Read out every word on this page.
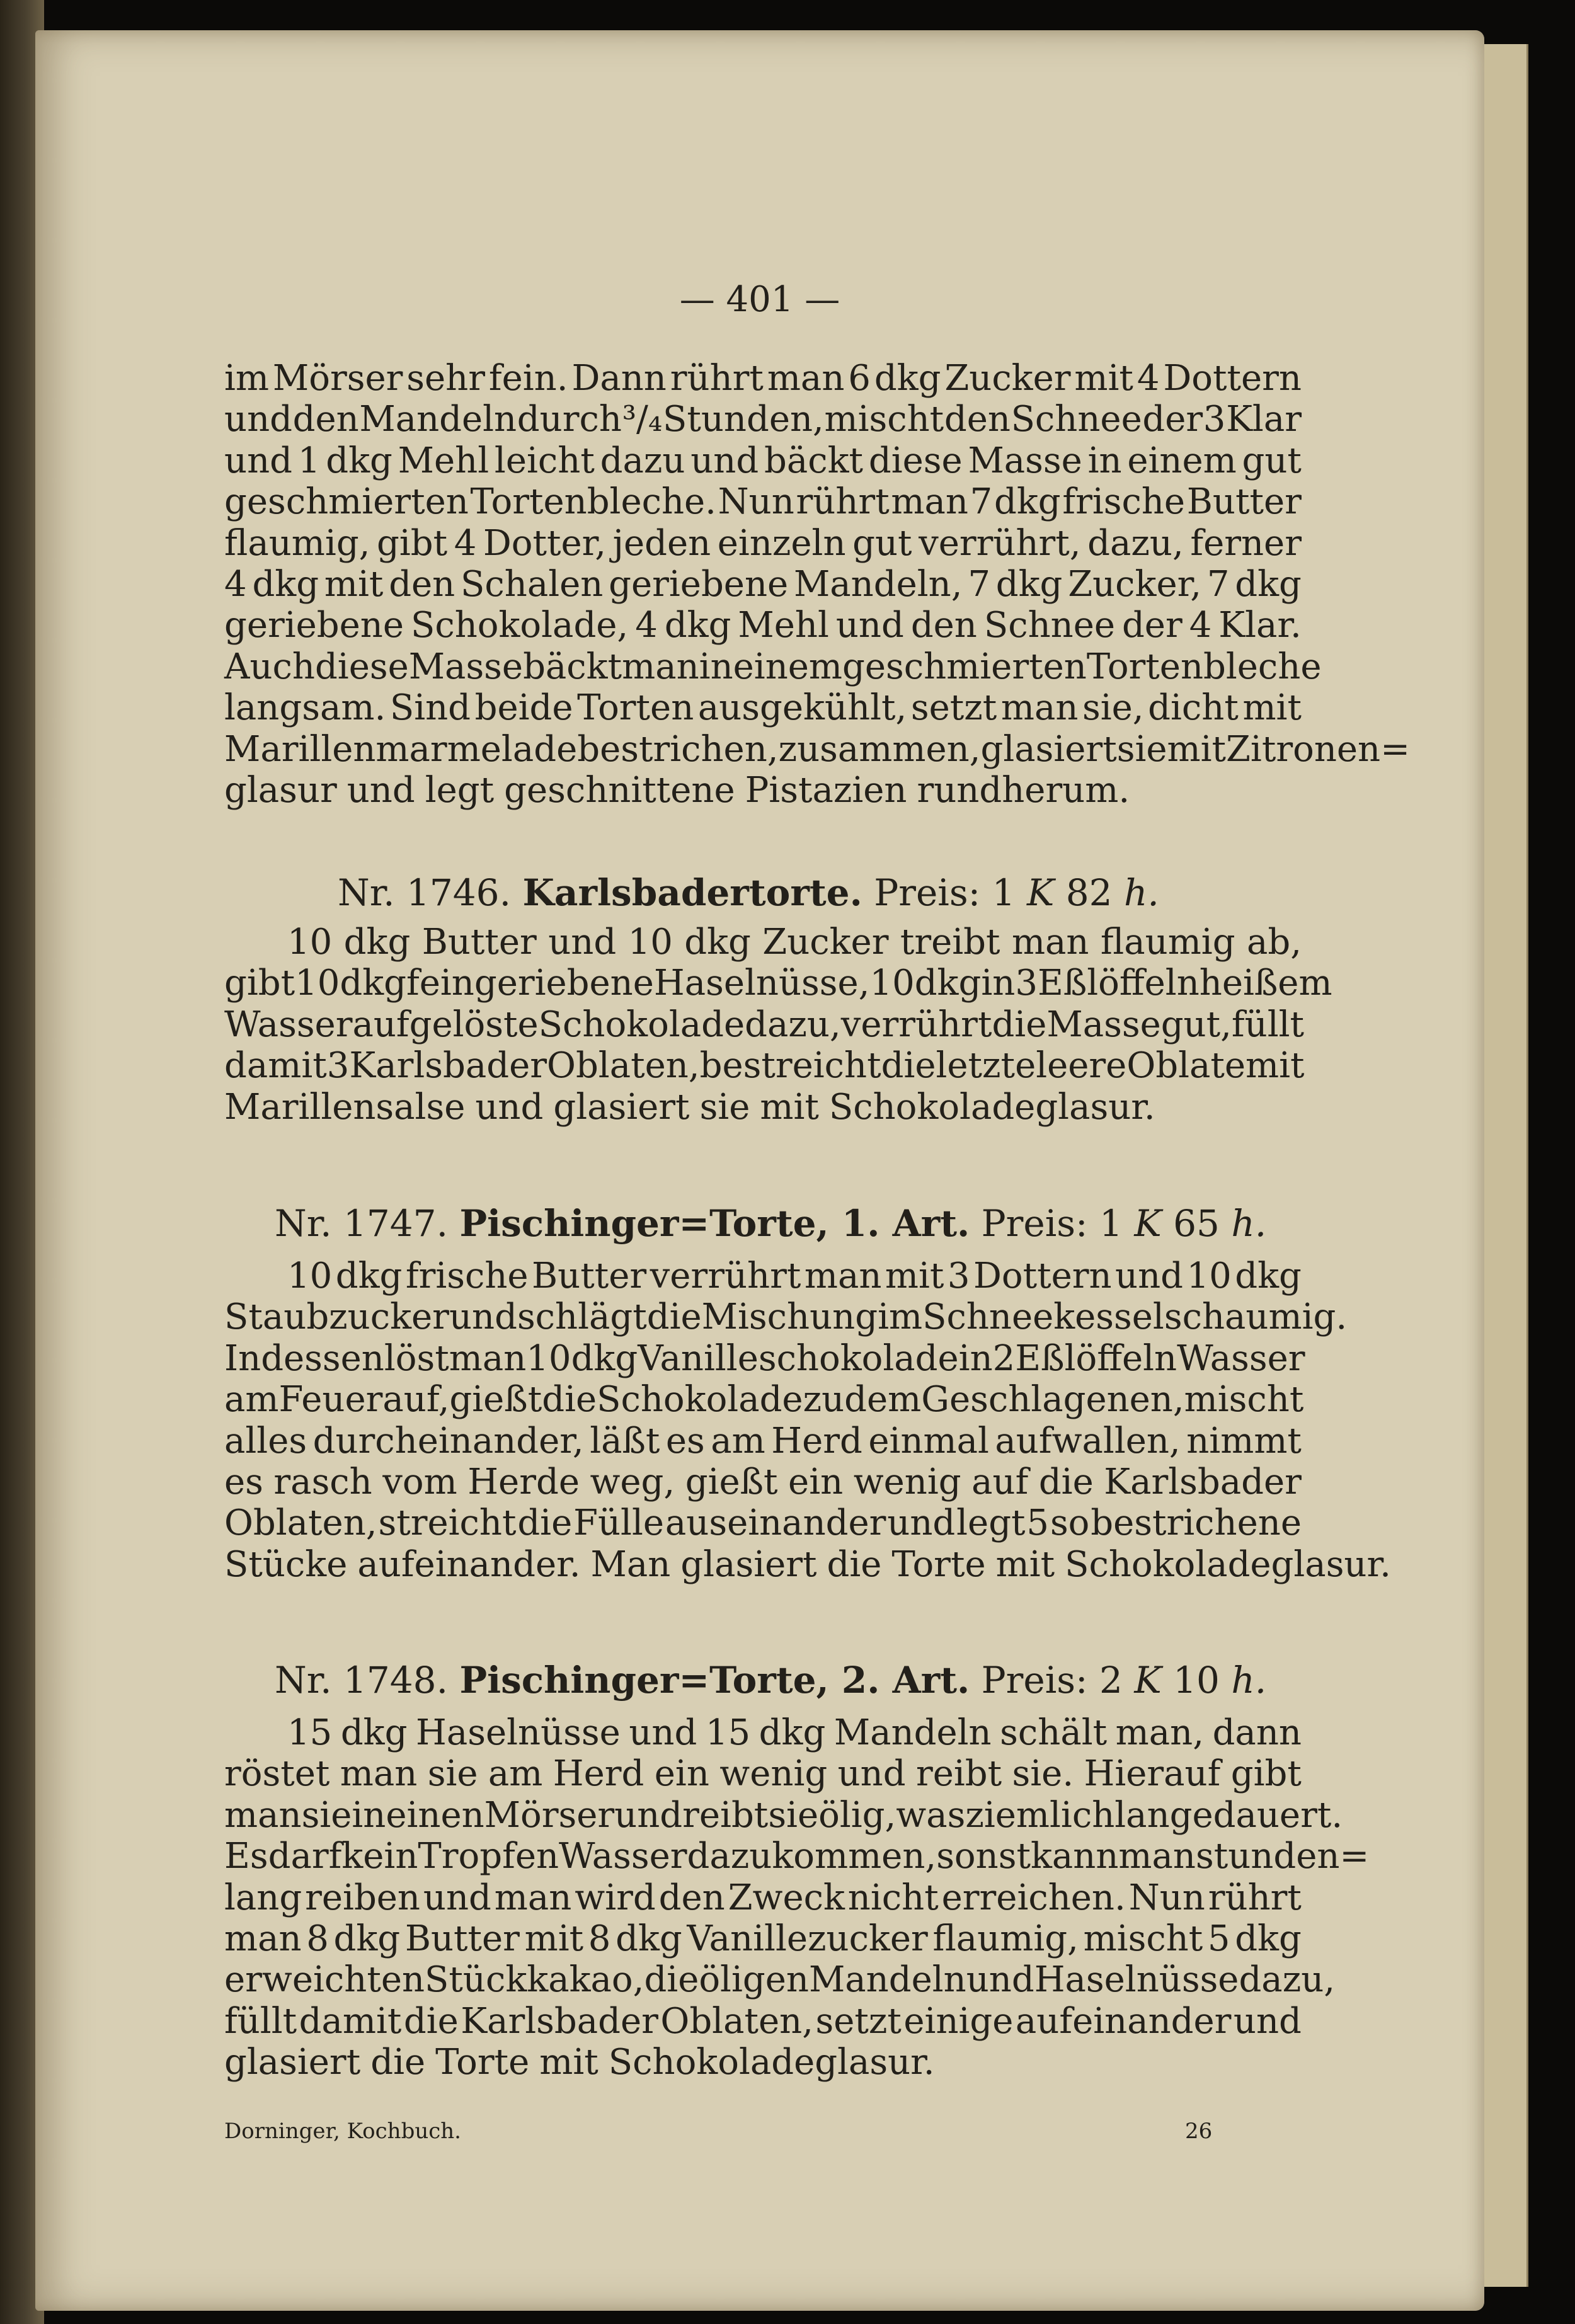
— 401 —
im Mörser sehr fein. Dann rührt man 6 dkg Zucker mit 4 Dottern
und den Mandeln durch ³/₄ Stunden, mischt den Schnee der 3 Klar
und 1 dkg Mehl leicht dazu und bäckt diese Masse in einem gut
geschmierten Tortenbleche. Nun rührt man 7 dkg frische Butter
flaumig, gibt 4 Dotter, jeden einzeln gut verrührt, dazu, ferner
4 dkg mit den Schalen geriebene Mandeln, 7 dkg Zucker, 7 dkg
geriebene Schokolade, 4 dkg Mehl und den Schnee der 4 Klar.
Auch diese Masse bäckt man in einem geschmierten Tortenbleche
langsam. Sind beide Torten ausgekühlt, setzt man sie, dicht mit
Marillenmarmelade bestrichen, zusammen, glasiert sie mit Zitronen=
glasur und legt geschnittene Pistazien rundherum.
Nr. 1746. Karlsbadertorte. Preis: 1 K 82 h.
10 dkg Butter und 10 dkg Zucker treibt man flaumig ab,
gibt 10 dkg feingeriebene Haselnüsse, 10 dkg in 3 Eßlöffeln heißem
Wasser aufgelöste Schokolade dazu, verrührt die Masse gut, füllt
damit 3 Karlsbader Oblaten, bestreicht die letzte leere Oblate mit
Marillensalse und glasiert sie mit Schokoladeglasur.
Nr. 1747. Pischinger=Torte, 1. Art. Preis: 1 K 65 h.
10 dkg frische Butter verrührt man mit 3 Dottern und 10 dkg
Staubzucker und schlägt die Mischung im Schneekessel schaumig.
Indessen löst man 10 dkg Vanilleschokolade in 2 Eßlöffeln Wasser
am Feuer auf, gießt die Schokolade zu dem Geschlagenen, mischt
alles durcheinander, läßt es am Herd einmal aufwallen, nimmt
es rasch vom Herde weg, gießt ein wenig auf die Karlsbader
Oblaten, streicht die Fülle auseinander und legt 5 so bestrichene
Stücke aufeinander. Man glasiert die Torte mit Schokoladeglasur.
Nr. 1748. Pischinger=Torte, 2. Art. Preis: 2 K 10 h.
15 dkg Haselnüsse und 15 dkg Mandeln schält man, dann
röstet man sie am Herd ein wenig und reibt sie. Hierauf gibt
man sie in einen Mörser und reibt sie ölig, was ziemlich lange dauert.
Es darf kein Tropfen Wasser dazukommen, sonst kann man stunden=
lang reiben und man wird den Zweck nicht erreichen. Nun rührt
man 8 dkg Butter mit 8 dkg Vanillezucker flaumig, mischt 5 dkg
erweichten Stückkakao, die öligen Mandeln und Haselnüsse dazu,
füllt damit die Karlsbader Oblaten, setzt einige aufeinander und
glasiert die Torte mit Schokoladeglasur.
Dorninger, Kochbuch.	26
